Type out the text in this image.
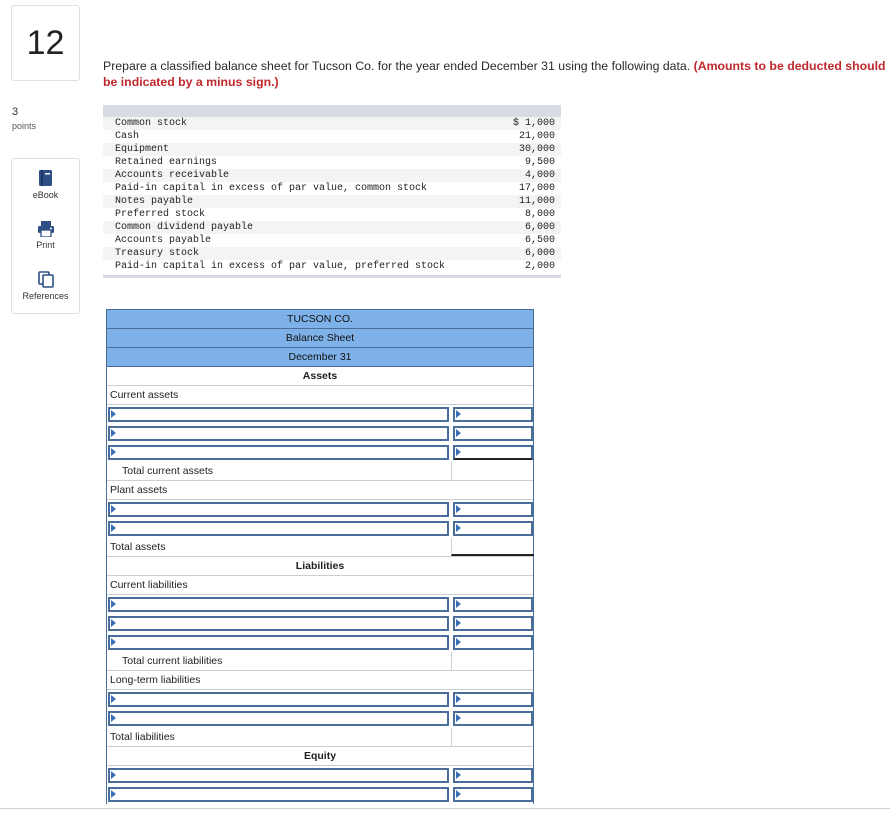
12
3
points
eBook
Print
References
Prepare a classified balance sheet for Tucson Co. for the year ended December 31 using the following data. (Amounts to be deducted should be indicated by a minus sign.)
Common stock	$ 1,000
Cash	21,000
Equipment	30,000
Retained earnings	9,500
Accounts receivable	4,000
Paid-in capital in excess of par value, common stock	17,000
Notes payable	11,000
Preferred stock	8,000
Common dividend payable	6,000
Accounts payable	6,500
Treasury stock	6,000
Paid-in capital in excess of par value, preferred stock	2,000
TUCSON CO.
Balance Sheet
December 31
Assets
Current assets
Total current assets
Plant assets
Total assets
Liabilities
Current liabilities
Total current liabilities
Long-term liabilities
Total liabilities
Equity
